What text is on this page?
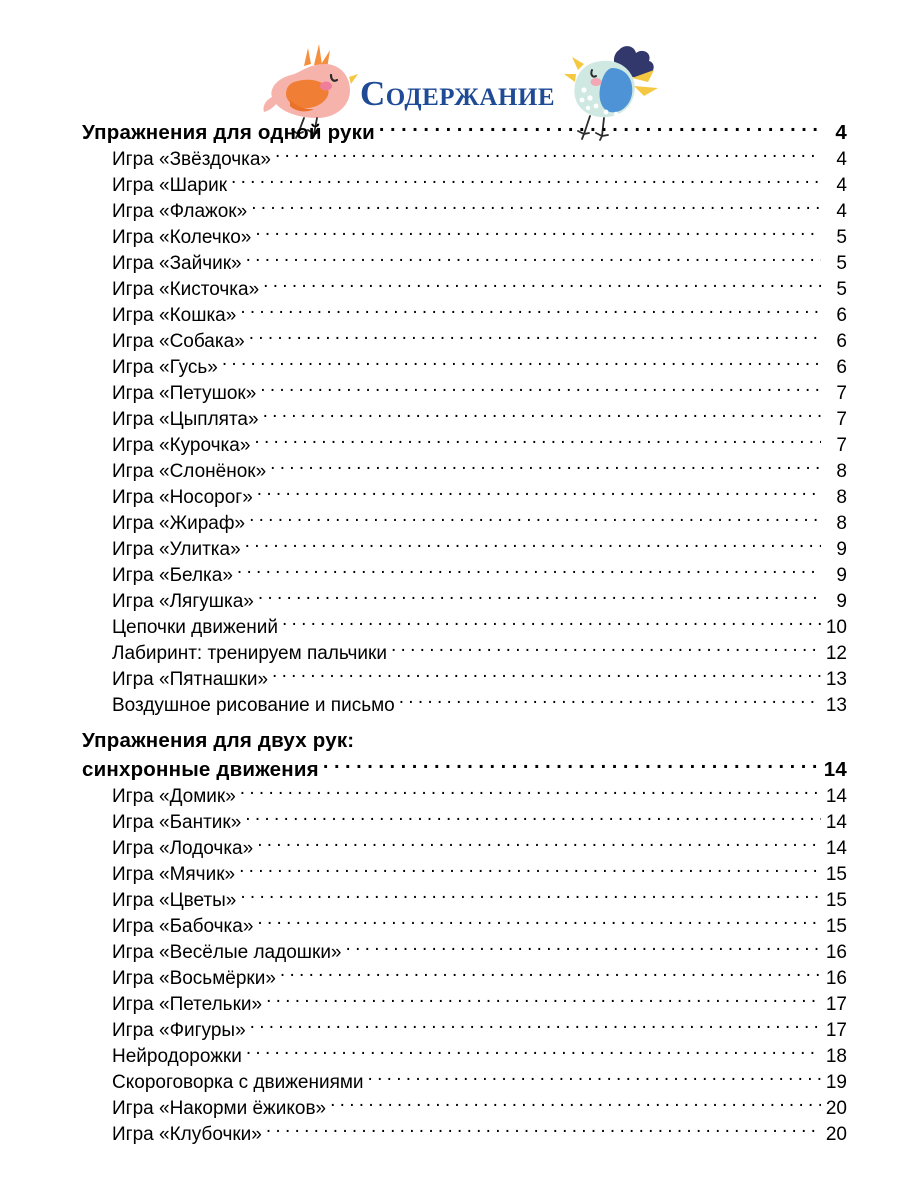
Содержание
Упражнения для одной руки . . .	4
Игра «Звёздочка» . . .	4
Игра «Шарик . . .	4
Игра «Флажок» . . .	4
Игра «Колечко» . . .	5
Игра «Зайчик» . . .	5
Игра «Кисточка» . . .	5
Игра «Кошка» . . .	6
Игра «Собака» . . .	6
Игра «Гусь» . . .	6
Игра «Петушок» . . .	7
Игра «Цыплята» . . .	7
Игра «Курочка» . . .	7
Игра «Слонёнок» . . .	8
Игра «Носорог» . . .	8
Игра «Жираф» . . .	8
Игра «Улитка» . . .	9
Игра «Белка» . . .	9
Игра «Лягушка» . . .	9
Цепочки движений . . .	10
Лабиринт: тренируем пальчики . . .	12
Игра «Пятнашки» . . .	13
Воздушное рисование и письмо . . .	13
Упражнения для двух рук:
синхронные движения . . .	14
Игра «Домик» . . .	14
Игра «Бантик» . . .	14
Игра «Лодочка» . . .	14
Игра «Мячик» . . .	15
Игра «Цветы» . . .	15
Игра «Бабочка» . . .	15
Игра «Весёлые ладошки» . . .	16
Игра «Восьмёрки» . . .	16
Игра «Петельки» . . .	17
Игра «Фигуры» . . .	17
Нейродорожки . . .	18
Скороговорка с движениями . . .	19
Игра «Накорми ёжиков» . . .	20
Игра «Клубочки» . . .	20
